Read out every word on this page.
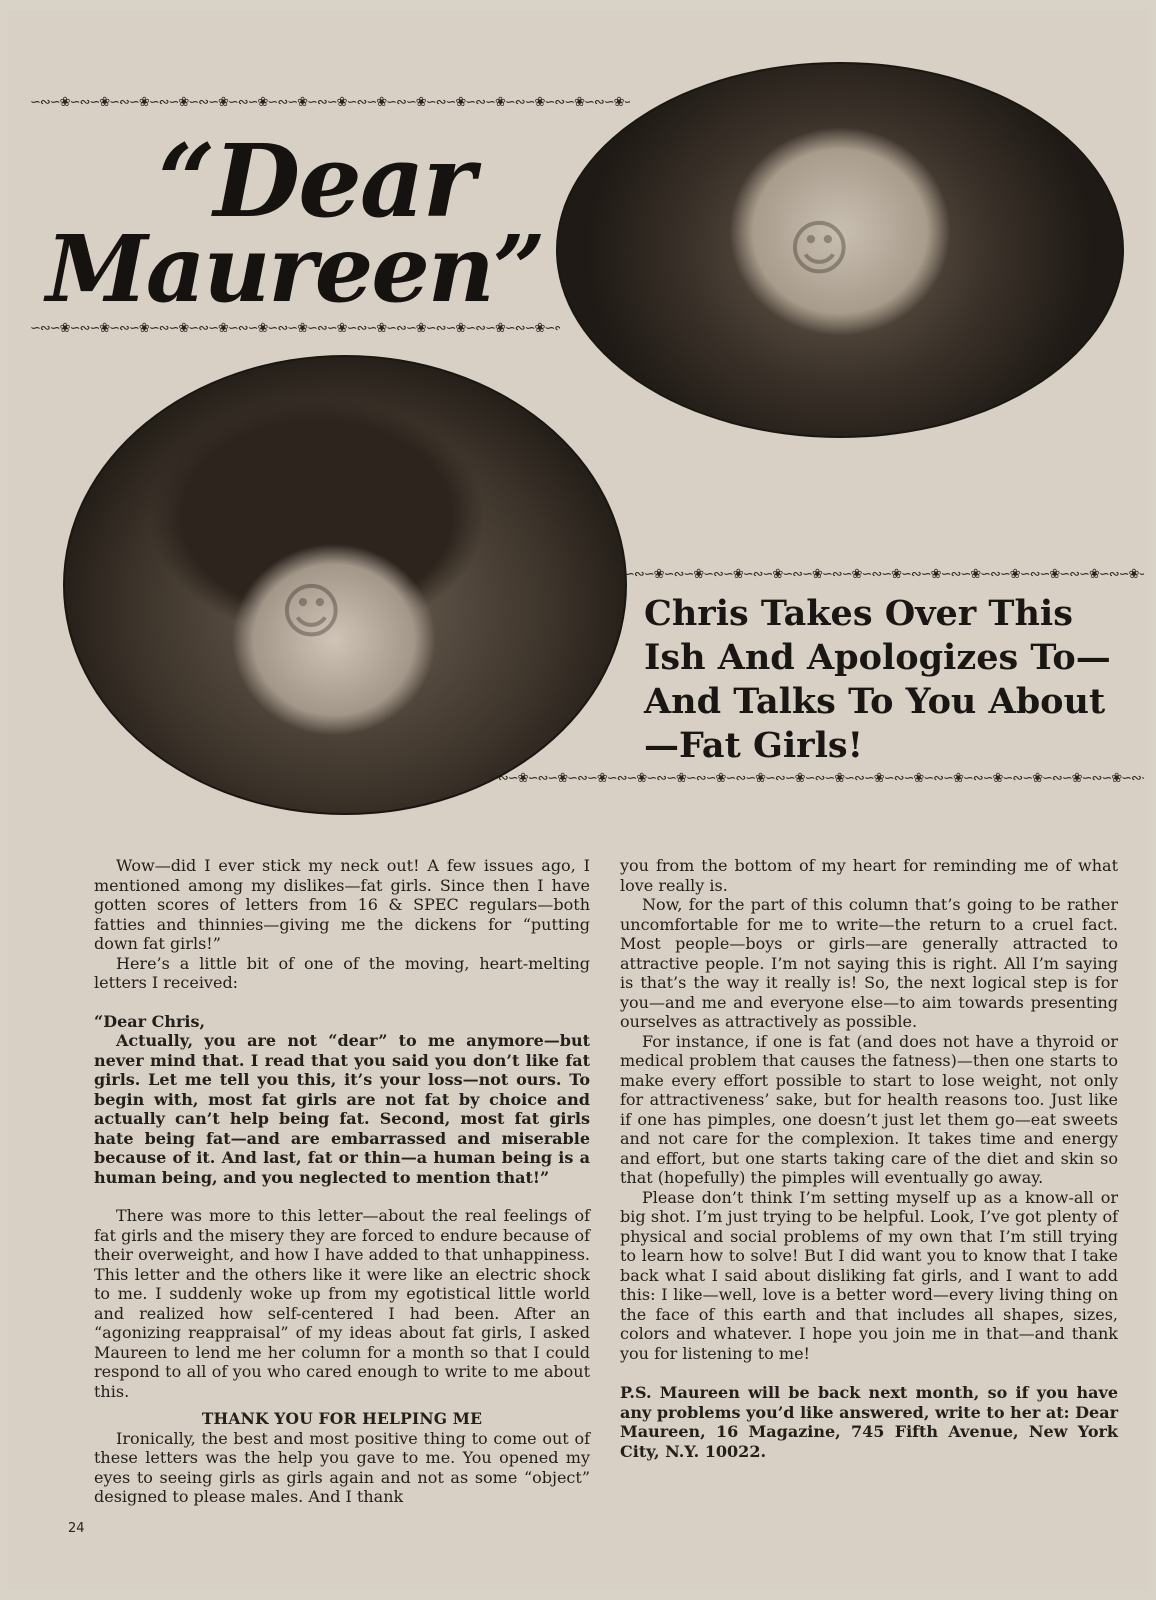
∽∾∽❀∽∾∽❀∽∾∽❀∽∾∽❀∽∾∽❀∽∾∽❀∽∾∽❀∽∾∽❀∽∾∽❀∽∾∽❀∽∾∽❀∽∾∽❀∽∾∽❀∽∾∽❀∽∾∽❀∽∾∽❀∽∾∽❀∽∾∽❀∽∾∽❀∽∾∽❀∽∾∽❀∽∾∽❀
“Dear
Maureen”
∽∾∽❀∽∾∽❀∽∾∽❀∽∾∽❀∽∾∽❀∽∾∽❀∽∾∽❀∽∾∽❀∽∾∽❀∽∾∽❀∽∾∽❀∽∾∽❀∽∾∽❀∽∾∽❀∽∾∽❀∽∾∽❀∽∾∽❀∽∾∽❀∽∾∽❀∽∾∽❀∽∾∽❀∽∾∽❀	☺
☺
∽∾∽❀∽∾∽❀∽∾∽❀∽∾∽❀∽∾∽❀∽∾∽❀∽∾∽❀∽∾∽❀∽∾∽❀∽∾∽❀∽∾∽❀∽∾∽❀∽∾∽❀∽∾∽❀∽∾∽❀∽∾∽❀∽∾∽❀∽∾∽❀∽∾∽❀∽∾∽❀∽∾∽❀∽∾∽❀	Chris Takes Over This
Ish And Apologizes To—
And Talks To You About
—Fat Girls!
∽∾∽❀∽∾∽❀∽∾∽❀∽∾∽❀∽∾∽❀∽∾∽❀∽∾∽❀∽∾∽❀∽∾∽❀∽∾∽❀∽∾∽❀∽∾∽❀∽∾∽❀∽∾∽❀∽∾∽❀∽∾∽❀∽∾∽❀∽∾∽❀∽∾∽❀∽∾∽❀∽∾∽❀∽∾∽❀

Wow—did I ever stick my neck out! A few issues ago, I mentioned among my dislikes—fat girls. Since then I have gotten scores of letters from 16 & SPEC regulars—both fatties and thinnies—giving me the dickens for “putting down fat girls!”

Here’s a little bit of one of the moving, heart-melting letters I received:

“Dear Chris,

Actually, you are not “dear” to me anymore—but never mind that. I read that you said you don’t like fat girls. Let me tell you this, it’s your loss—not ours. To begin with, most fat girls are not fat by choice and actually can’t help being fat. Second, most fat girls hate being fat—and are embarrassed and miserable because of it. And last, fat or thin—a human being is a human being, and you neglected to mention that!”

There was more to this letter—about the real feelings of fat girls and the misery they are forced to endure because of their overweight, and how I have added to that unhappiness. This letter and the others like it were like an electric shock to me. I suddenly woke up from my egotistical little world and realized how self-centered I had been. After an “agonizing reappraisal” of my ideas about fat girls, I asked Maureen to lend me her column for a month so that I could respond to all of you who cared enough to write to me about this.

THANK YOU FOR HELPING ME

Ironically, the best and most positive thing to come out of these letters was the help you gave to me. You opened my eyes to seeing girls as girls again and not as some “object” designed to please males. And I thank

you from the bottom of my heart for reminding me of what love really is.

Now, for the part of this column that’s going to be rather uncomfortable for me to write—the return to a cruel fact. Most people—boys or girls—are generally attracted to attractive people. I’m not saying this is right. All I’m saying is that’s the way it really is! So, the next logical step is for you—and me and everyone else—to aim towards presenting ourselves as attractively as possible.

For instance, if one is fat (and does not have a thyroid or medical problem that causes the fatness)—then one starts to make every effort possible to start to lose weight, not only for attractiveness’ sake, but for health reasons too. Just like if one has pimples, one doesn’t just let them go—eat sweets and not care for the complexion. It takes time and energy and effort, but one starts taking care of the diet and skin so that (hopefully) the pimples will eventually go away.

Please don’t think I’m setting myself up as a know-all or big shot. I’m just trying to be helpful. Look, I’ve got plenty of physical and social problems of my own that I’m still trying to learn how to solve! But I did want you to know that I take back what I said about disliking fat girls, and I want to add this: I like—well, love is a better word—every living thing on the face of this earth and that includes all shapes, sizes, colors and whatever. I hope you join me in that—and thank you for listening to me!

P.S. Maureen will be back next month, so if you have any problems you’d like answered, write to her at: Dear Maureen, 16 Magazine, 745 Fifth Avenue, New York City, N.Y. 10022.

24
